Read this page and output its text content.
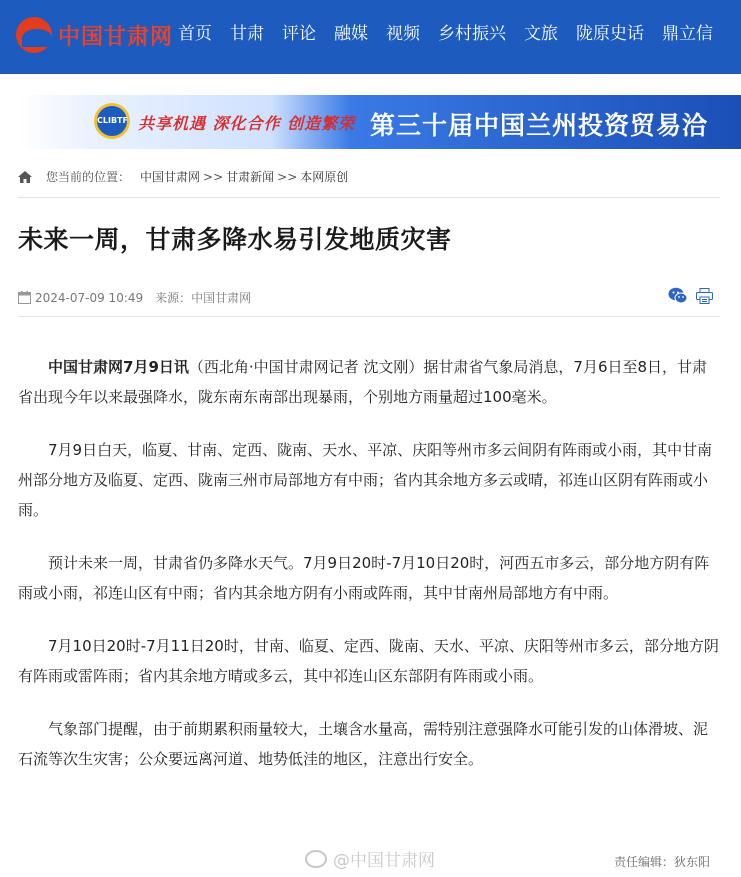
中国甘肃网 首页 甘肃 评论 融媒 视频 乡村振兴 文旅 陇原史话 鼎立信
CLIBTF 共享机遇 深化合作 创造繁荣 第三十届中国兰州投资贸易洽
您当前的位置： 中国甘肃网 >> 甘肃新闻 >> 本网原创
未来一周，甘肃多降水易引发地质灾害
2024-07-09 10:49 来源：中国甘肃网

中国甘肃网7月9日讯（西北角·中国甘肃网记者 沈文刚）据甘肃省气象局消息，7月6日至8日，甘肃省出现今年以来最强降水，陇东南东南部出现暴雨，个别地方雨量超过100毫米。

7月9日白天，临夏、甘南、定西、陇南、天水、平凉、庆阳等州市多云间阴有阵雨或小雨，其中甘南州部分地方及临夏、定西、陇南三州市局部地方有中雨；省内其余地方多云或晴，祁连山区阴有阵雨或小雨。

预计未来一周，甘肃省仍多降水天气。7月9日20时-7月10日20时，河西五市多云，部分地方阴有阵雨或小雨，祁连山区有中雨；省内其余地方阴有小雨或阵雨，其中甘南州局部地方有中雨。

7月10日20时-7月11日20时，甘南、临夏、定西、陇南、天水、平凉、庆阳等州市多云，部分地方阴有阵雨或雷阵雨；省内其余地方晴或多云，其中祁连山区东部阴有阵雨或小雨。

气象部门提醒，由于前期累积雨量较大，土壤含水量高，需特别注意强降水可能引发的山体滑坡、泥石流等次生灾害；公众要远离河道、地势低洼的地区，注意出行安全。

@中国甘肃网	责任编辑：狄东阳
